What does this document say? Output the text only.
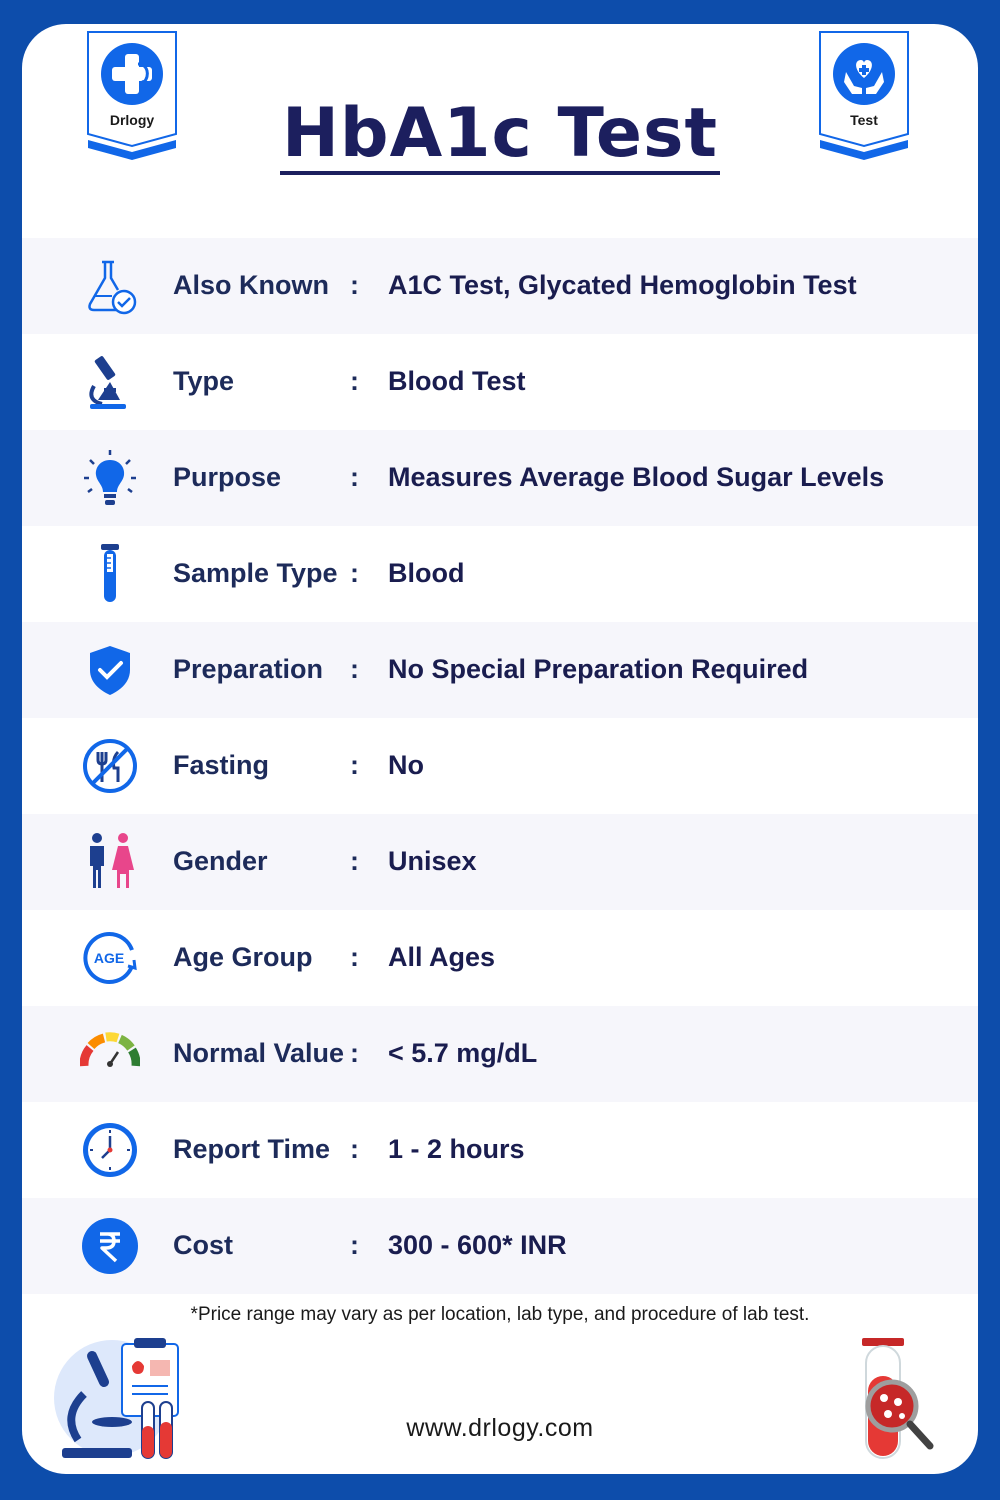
Drlogy	HbA1c Test	Test
Also Known : A1C Test, Glycated Hemoglobin Test
Type	: Blood Test
Purpose	: Measures Average Blood Sugar Levels
Sample Type : Blood
Preparation : No Special Preparation Required
Fasting	: No
Gender	: Unisex
AGE Age Group : All Ages
Normal Value : < 5.7 mg/dL
Report Time : 1 - 2 hours
Cost	: 300 - 600* INR
*Price range may vary as per location, lab type, and procedure of lab test.
www.drlogy.com
